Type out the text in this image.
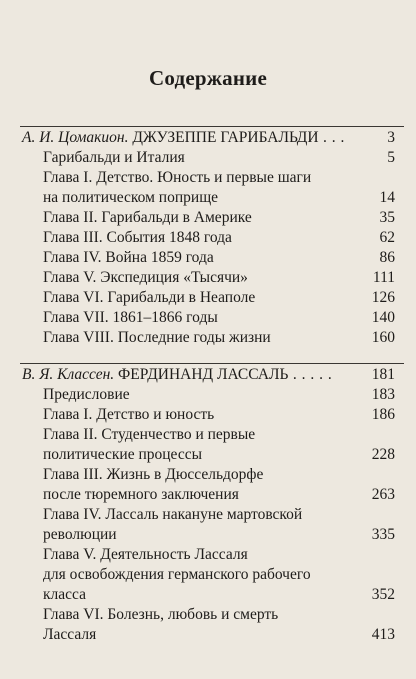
Содержание
А. И. Цомакион. ДЖУЗЕППЕ ГАРИБАЛЬДИ . . .	3
Гарибальди и Италия	5
Глава I. Детство. Юность и первые шаги
на политическом поприще	14
Глава II. Гарибальди в Америке	35
Глава III. События 1848 года	62
Глава IV. Война 1859 года	86
Глава V. Экспедиция «Тысячи»	111
Глава VI. Гарибальди в Неаполе	126
Глава VII. 1861–1866 годы	140
Глава VIII. Последние годы жизни	160
В. Я. Классен. ФЕРДИНАНД ЛАССАЛЬ . . . . .	181
Предисловие	183
Глава I. Детство и юность	186
Глава II. Студенчество и первые
политические процессы	228
Глава III. Жизнь в Дюссельдорфе
после тюремного заключения	263
Глава IV. Лассаль накануне мартовской
революции	335
Глава V. Деятельность Лассаля
для освобождения германского рабочего
класса	352
Глава VI. Болезнь, любовь и смерть
Лассаля	413
